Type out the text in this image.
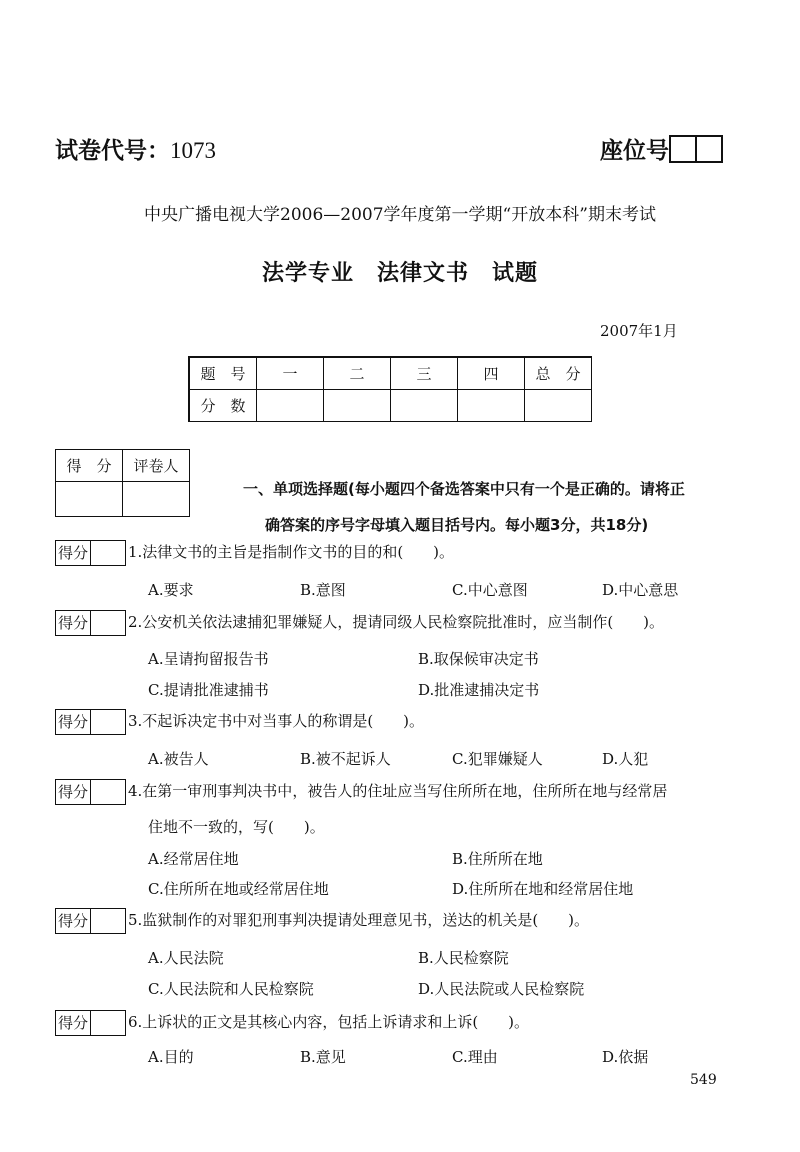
试卷代号：1073	座位号
中央广播电视大学2006—2007学年度第一学期“开放本科”期末考试
法学专业　法律文书　试题
2007年1月
题　号	一	二	三	四	总　分
分　数					
得　分	评卷人

一、单项选择题(每小题四个备选答案中只有一个是正确的。请将正
确答案的序号字母填入题目括号内。每小题3分，共18分)
得分	1.法律文书的主旨是指制作文书的目的和(　　)。
A.要求	B.意图	C.中心意图	D.中心意思
得分	2.公安机关依法逮捕犯罪嫌疑人，提请同级人民检察院批准时，应当制作(　　)。
A.呈请拘留报告书	B.取保候审决定书
C.提请批准逮捕书	D.批准逮捕决定书
得分	3.不起诉决定书中对当事人的称谓是(　　)。
A.被告人	B.被不起诉人	C.犯罪嫌疑人	D.人犯
得分	4.在第一审刑事判决书中，被告人的住址应当写住所所在地，住所所在地与经常居
住地不一致的，写(　　)。
A.经常居住地	B.住所所在地
C.住所所在地或经常居住地	D.住所所在地和经常居住地
得分	5.监狱制作的对罪犯刑事判决提请处理意见书，送达的机关是(　　)。
A.人民法院	B.人民检察院
C.人民法院和人民检察院	D.人民法院或人民检察院
得分	6.上诉状的正文是其核心内容，包括上诉请求和上诉(　　)。
A.目的	B.意见	C.理由	D.依据
549
